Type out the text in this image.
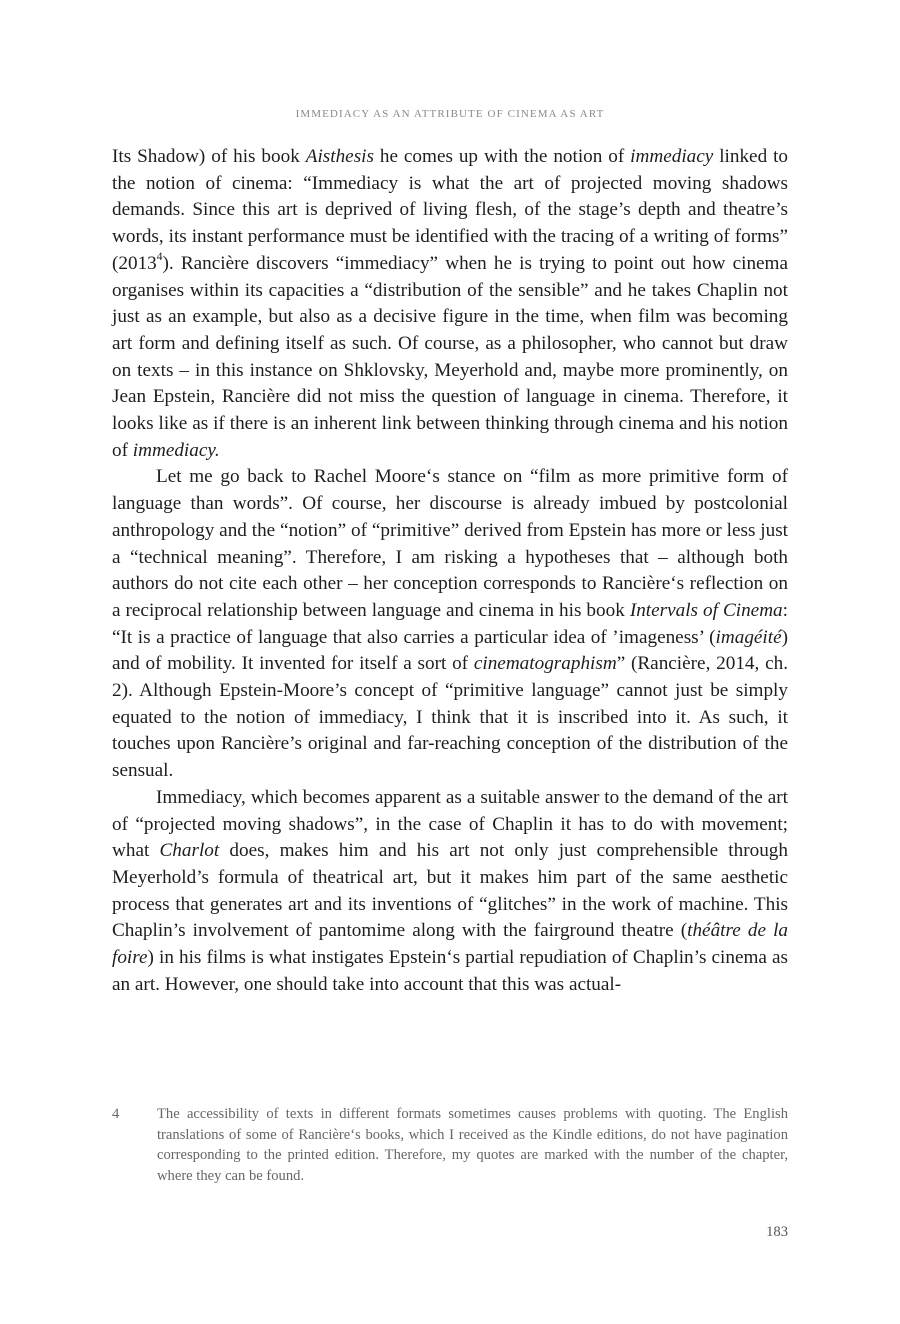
IMMEDIACY AS AN ATTRIBUTE OF CINEMA AS ART

Its Shadow) of his book Aisthesis he comes up with the notion of immediacy linked to the notion of cinema: “Immediacy is what the art of projected moving shadows demands. Since this art is deprived of living flesh, of the stage’s depth and theatre’s words, its instant performance must be identified with the tracing of a writing of forms” (2013$^4$). Rancière discovers “immediacy” when he is trying to point out how cinema organises within its capacities a “distribution of the sensible” and he takes Chaplin not just as an example, but also as a decisive figure in the time, when film was becoming art form and defining itself as such. Of course, as a philosopher, who cannot but draw on texts – in this instance on Shklovsky, Meyerhold and, maybe more prominently, on Jean Epstein, Rancière did not miss the question of language in cinema. Therefore, it looks like as if there is an inherent link between thinking through cinema and his notion of immediacy.

Let me go back to Rachel Moore‘s stance on “film as more primitive form of language than words”. Of course, her discourse is already imbued by postcolonial anthropology and the “notion” of “primitive” derived from Epstein has more or less just a “technical meaning”. Therefore, I am risking a hypotheses that – although both authors do not cite each other – her conception corresponds to Rancière‘s reflection on a reciprocal relationship between language and cinema in his book Intervals of Cinema: “It is a practice of language that also carries a particular idea of ’imageness’ (imagéité) and of mobility. It invented for itself a sort of cinematographism” (Rancière, 2014, ch. 2). Although Epstein-Moore’s concept of “primitive language” cannot just be simply equated to the notion of immediacy, I think that it is inscribed into it. As such, it touches upon Rancière’s original and far-reaching conception of the distribution of the sensual.

Immediacy, which becomes apparent as a suitable answer to the demand of the art of “projected moving shadows”, in the case of Chaplin it has to do with movement; what Charlot does, makes him and his art not only just comprehensible through Meyerhold’s formula of theatrical art, but it makes him part of the same aesthetic process that generates art and its inventions of “glitches” in the work of machine. This Chaplin’s involvement of pantomime along with the fairground theatre (théâtre de la foire) in his films is what instigates Epstein‘s partial repudiation of Chaplin’s cinema as an art. However, one should take into account that this was actual-

4	The accessibility of texts in different formats sometimes causes problems with quoting. The English translations of some of Rancière‘s books, which I received as the Kindle editions, do not have pagination corresponding to the printed edition. Therefore, my quotes are marked with the number of the chapter, where they can be found.
183
